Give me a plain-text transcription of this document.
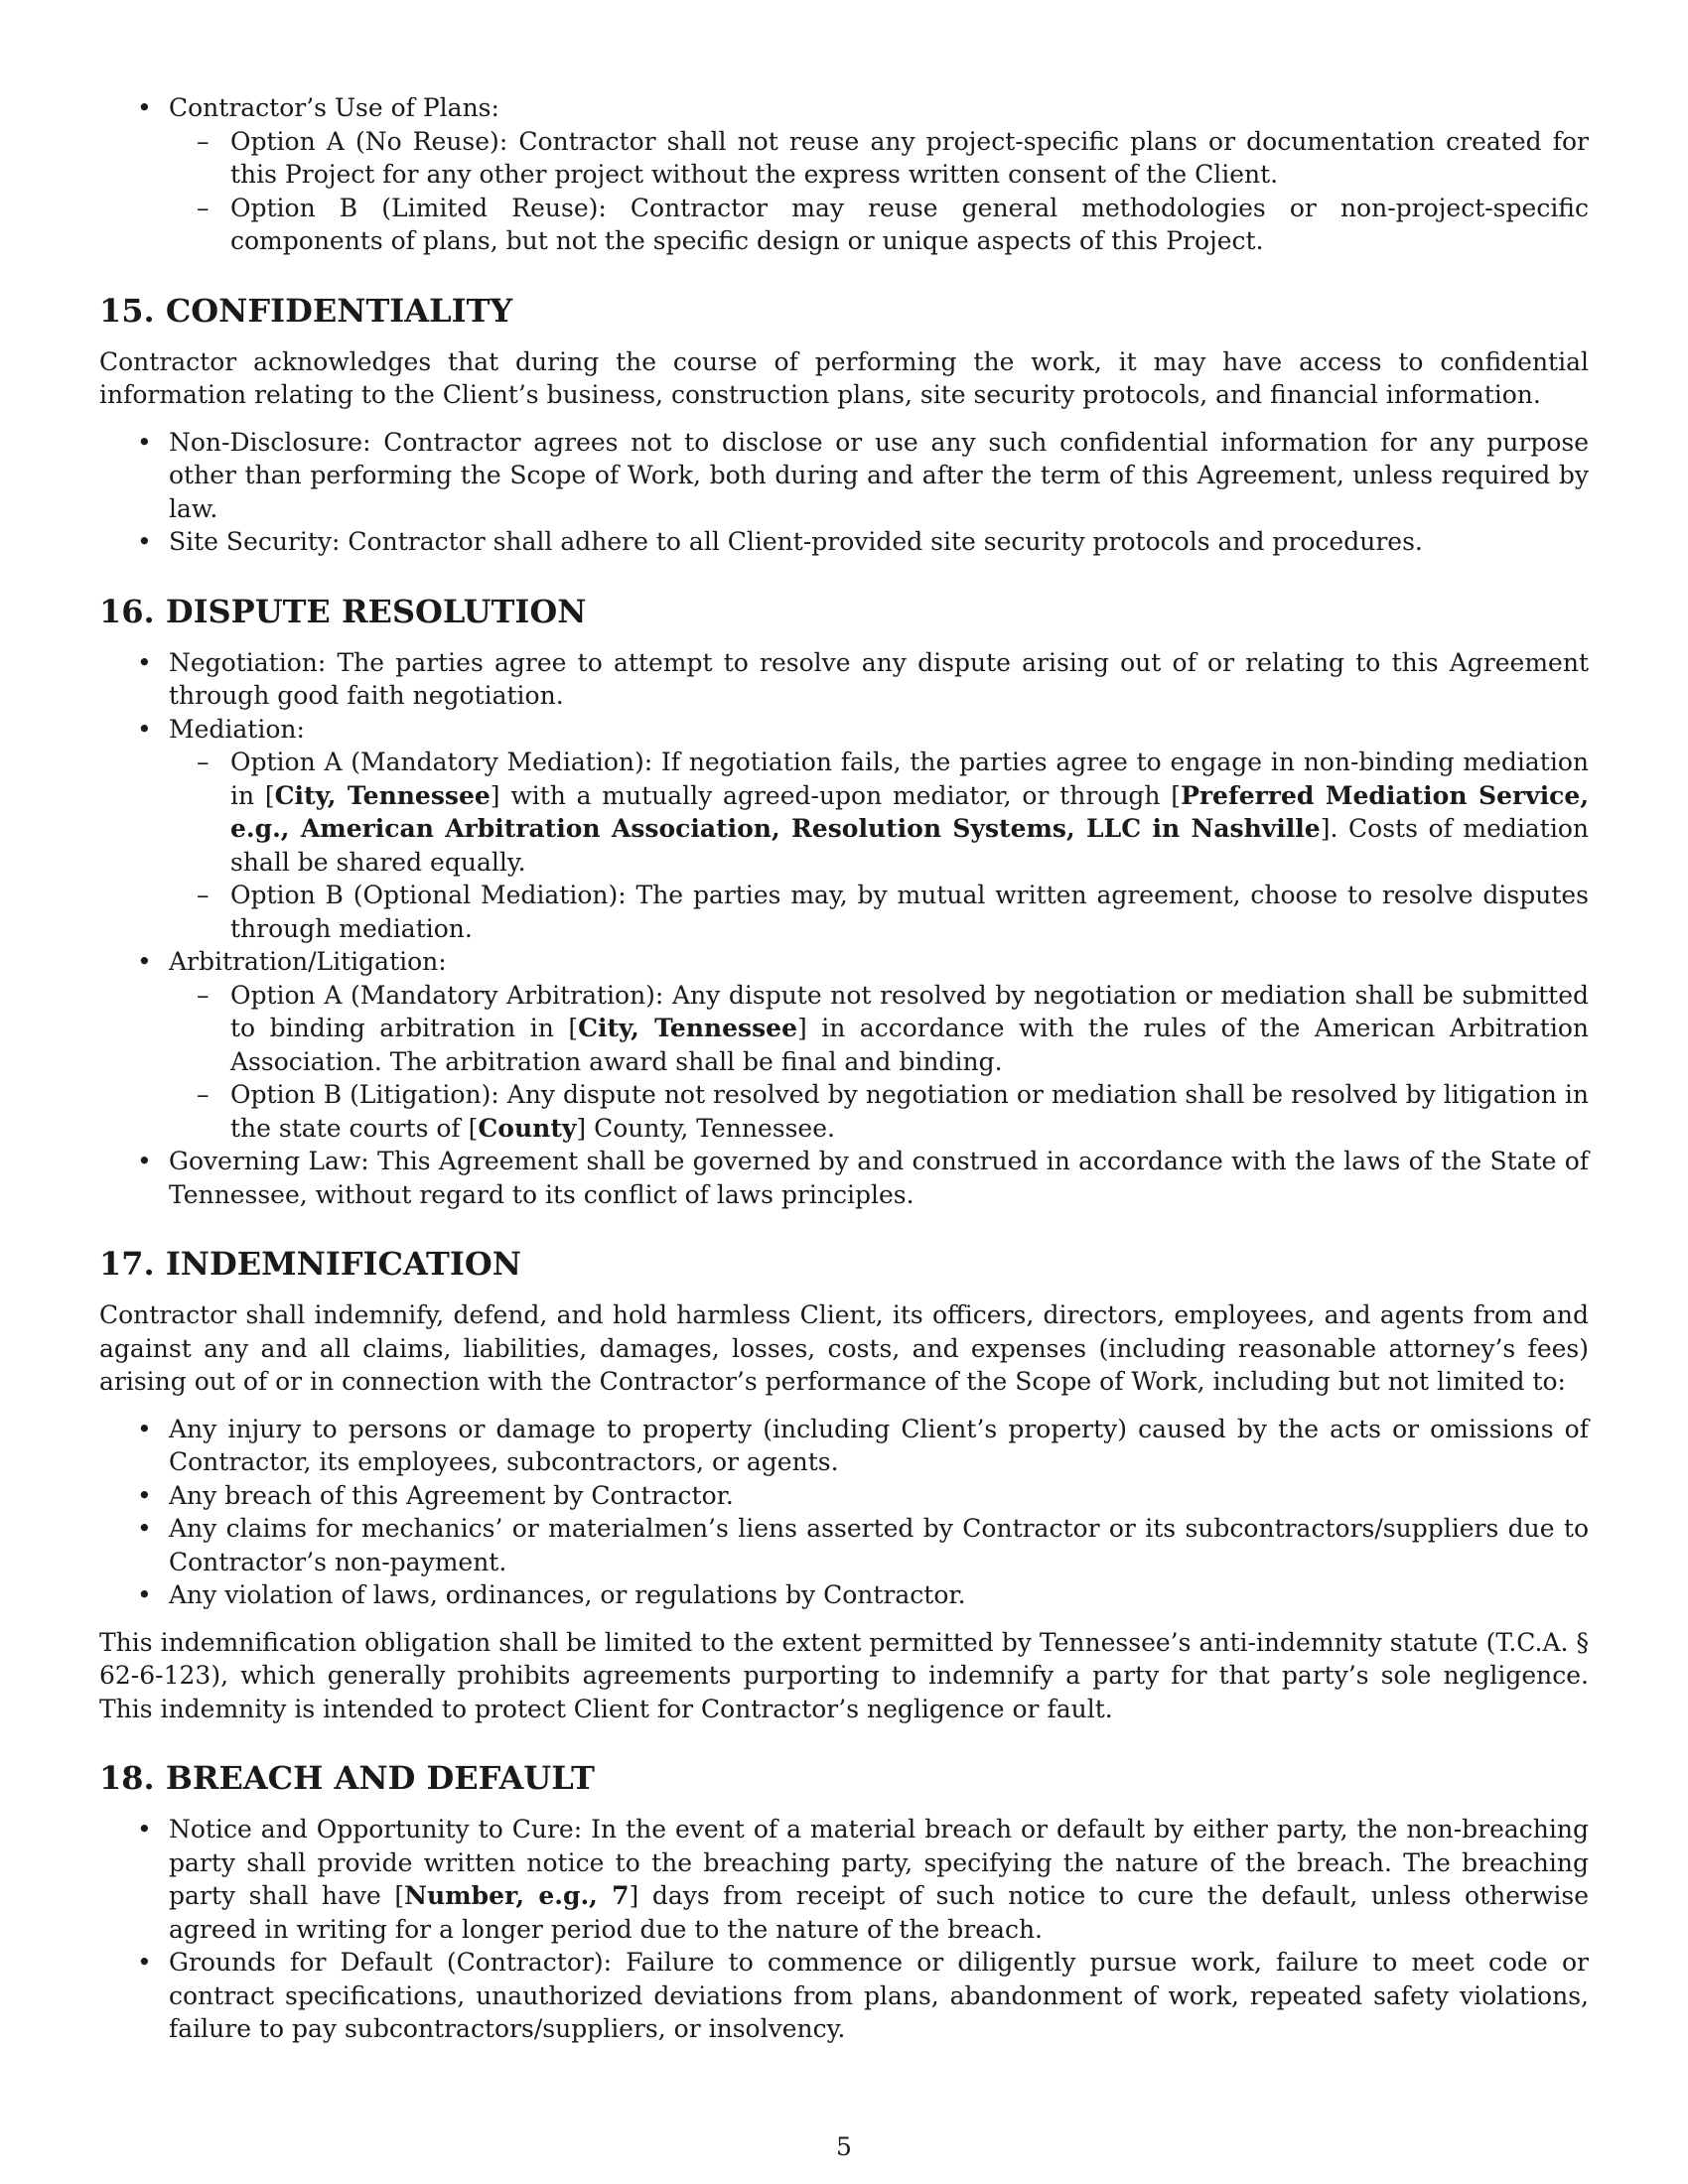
• Contractor’s Use of Plans:
– Option A (No Reuse): Contractor shall not reuse any project-specific plans or documentation created for this Project for any other project without the express written consent of the Client.
– Option B (Limited Reuse): Contractor may reuse general methodologies or non-project-specific components of plans, but not the specific design or unique aspects of this Project.
15. CONFIDENTIALITY

Contractor acknowledges that during the course of performing the work, it may have access to confidential information relating to the Client’s business, construction plans, site security protocols, and financial information.

• Non-Disclosure: Contractor agrees not to disclose or use any such confidential information for any purpose other than performing the Scope of Work, both during and after the term of this Agreement, unless required by law.
• Site Security: Contractor shall adhere to all Client-provided site security protocols and procedures.
16. DISPUTE RESOLUTION
• Negotiation: The parties agree to attempt to resolve any dispute arising out of or relating to this Agreement through good faith negotiation.
• Mediation:
– Option A (Mandatory Mediation): If negotiation fails, the parties agree to engage in non-binding mediation in [City, Tennessee] with a mutually agreed-upon mediator, or through [Preferred Mediation Service, e.g., American Arbitration Association, Resolution Systems, LLC in Nashville]. Costs of mediation shall be shared equally.
– Option B (Optional Mediation): The parties may, by mutual written agreement, choose to resolve disputes through mediation.
• Arbitration/Litigation:
– Option A (Mandatory Arbitration): Any dispute not resolved by negotiation or mediation shall be submitted to binding arbitration in [City, Tennessee] in accordance with the rules of the American Arbitration Association. The arbitration award shall be final and binding.
– Option B (Litigation): Any dispute not resolved by negotiation or mediation shall be resolved by litigation in the state courts of [County] County, Tennessee.
• Governing Law: This Agreement shall be governed by and construed in accordance with the laws of the State of Tennessee, without regard to its conflict of laws principles.
17. INDEMNIFICATION

Contractor shall indemnify, defend, and hold harmless Client, its officers, directors, employees, and agents from and against any and all claims, liabilities, damages, losses, costs, and expenses (including reasonable attorney’s fees) arising out of or in connection with the Contractor’s performance of the Scope of Work, including but not limited to:

• Any injury to persons or damage to property (including Client’s property) caused by the acts or omissions of Contractor, its employees, subcontractors, or agents.
• Any breach of this Agreement by Contractor.
• Any claims for mechanics’ or materialmen’s liens asserted by Contractor or its subcontractors/suppliers due to Contractor’s non-payment.
• Any violation of laws, ordinances, or regulations by Contractor.

This indemnification obligation shall be limited to the extent permitted by Tennessee’s anti-indemnity statute (T.C.A. § 62-6-123), which generally prohibits agreements purporting to indemnify a party for that party’s sole negligence. This indemnity is intended to protect Client for Contractor’s negligence or fault.

18. BREACH AND DEFAULT
• Notice and Opportunity to Cure: In the event of a material breach or default by either party, the non-breaching party shall provide written notice to the breaching party, specifying the nature of the breach. The breaching party shall have [Number, e.g., 7] days from receipt of such notice to cure the default, unless otherwise agreed in writing for a longer period due to the nature of the breach.
• Grounds for Default (Contractor): Failure to commence or diligently pursue work, failure to meet code or contract specifications, unauthorized deviations from plans, abandonment of work, repeated safety violations, failure to pay subcontractors/suppliers, or insolvency.
5
